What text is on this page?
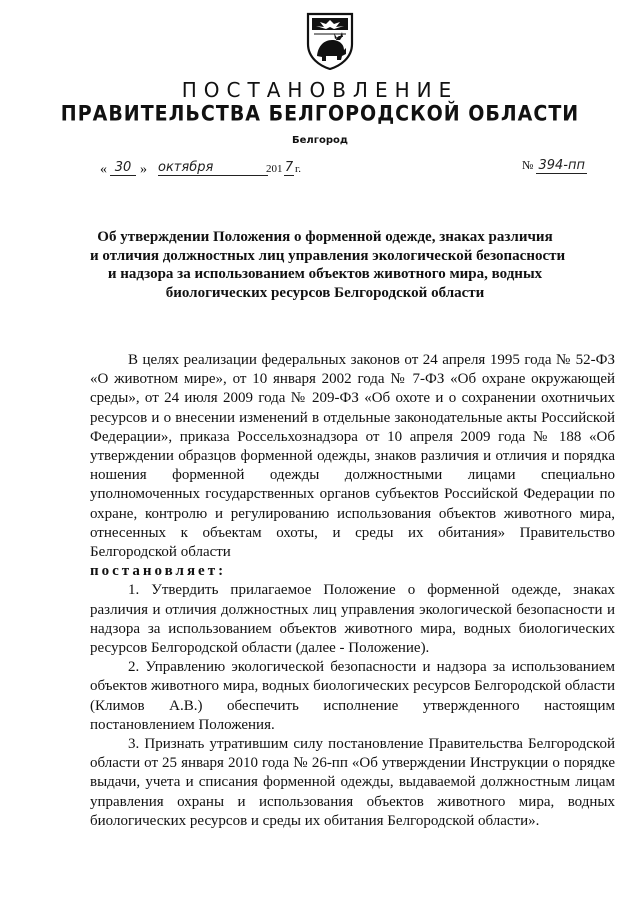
ПОСТАНОВЛЕНИЕ
ПРАВИТЕЛЬСТВА БЕЛГОРОДСКОЙ ОБЛАСТИ
Белгород
« 30 » октября	201 7 г.	№ 394-пп
Об утверждении Положения о форменной одежде, знаках различия
и отличия должностных лиц управления экологической безопасности
и надзора за использованием объектов животного мира, водных
биологических ресурсов Белгородской области

В целях реализации федеральных законов от 24 апреля 1995 года № 52-ФЗ «О животном мире», от 10 января 2002 года № 7-ФЗ «Об охране окружающей среды», от 24 июля 2009 года № 209-ФЗ «Об охоте и о сохранении охотничьих ресурсов и о внесении изменений в отдельные законодательные акты Российской Федерации», приказа Россельхознадзора от 10 апреля 2009 года № 188 «Об утверждении образцов форменной одежды, знаков различия и отличия и порядка ношения форменной одежды должностными лицами специально уполномоченных государственных органов субъектов Российской Федерации по охране, контролю и регулированию использования объектов животного мира, отнесенных к объектам охоты, и среды их обитания» Правительство Белгородской области

постановляет:

1. Утвердить прилагаемое Положение о форменной одежде, знаках различия и отличия должностных лиц управления экологической безопасности и надзора за использованием объектов животного мира, водных биологических ресурсов Белгородской области (далее - Положение).

2. Управлению экологической безопасности и надзора за использованием объектов животного мира, водных биологических ресурсов Белгородской области (Климов А.В.) обеспечить исполнение утвержденного настоящим постановлением Положения.

3. Признать утратившим силу постановление Правительства Белгородской области от 25 января 2010 года № 26-пп «Об утверждении Инструкции о порядке выдачи, учета и списания форменной одежды, выдаваемой должностным лицам управления охраны и использования объектов животного мира, водных биологических ресурсов и среды их обитания Белгородской области».
